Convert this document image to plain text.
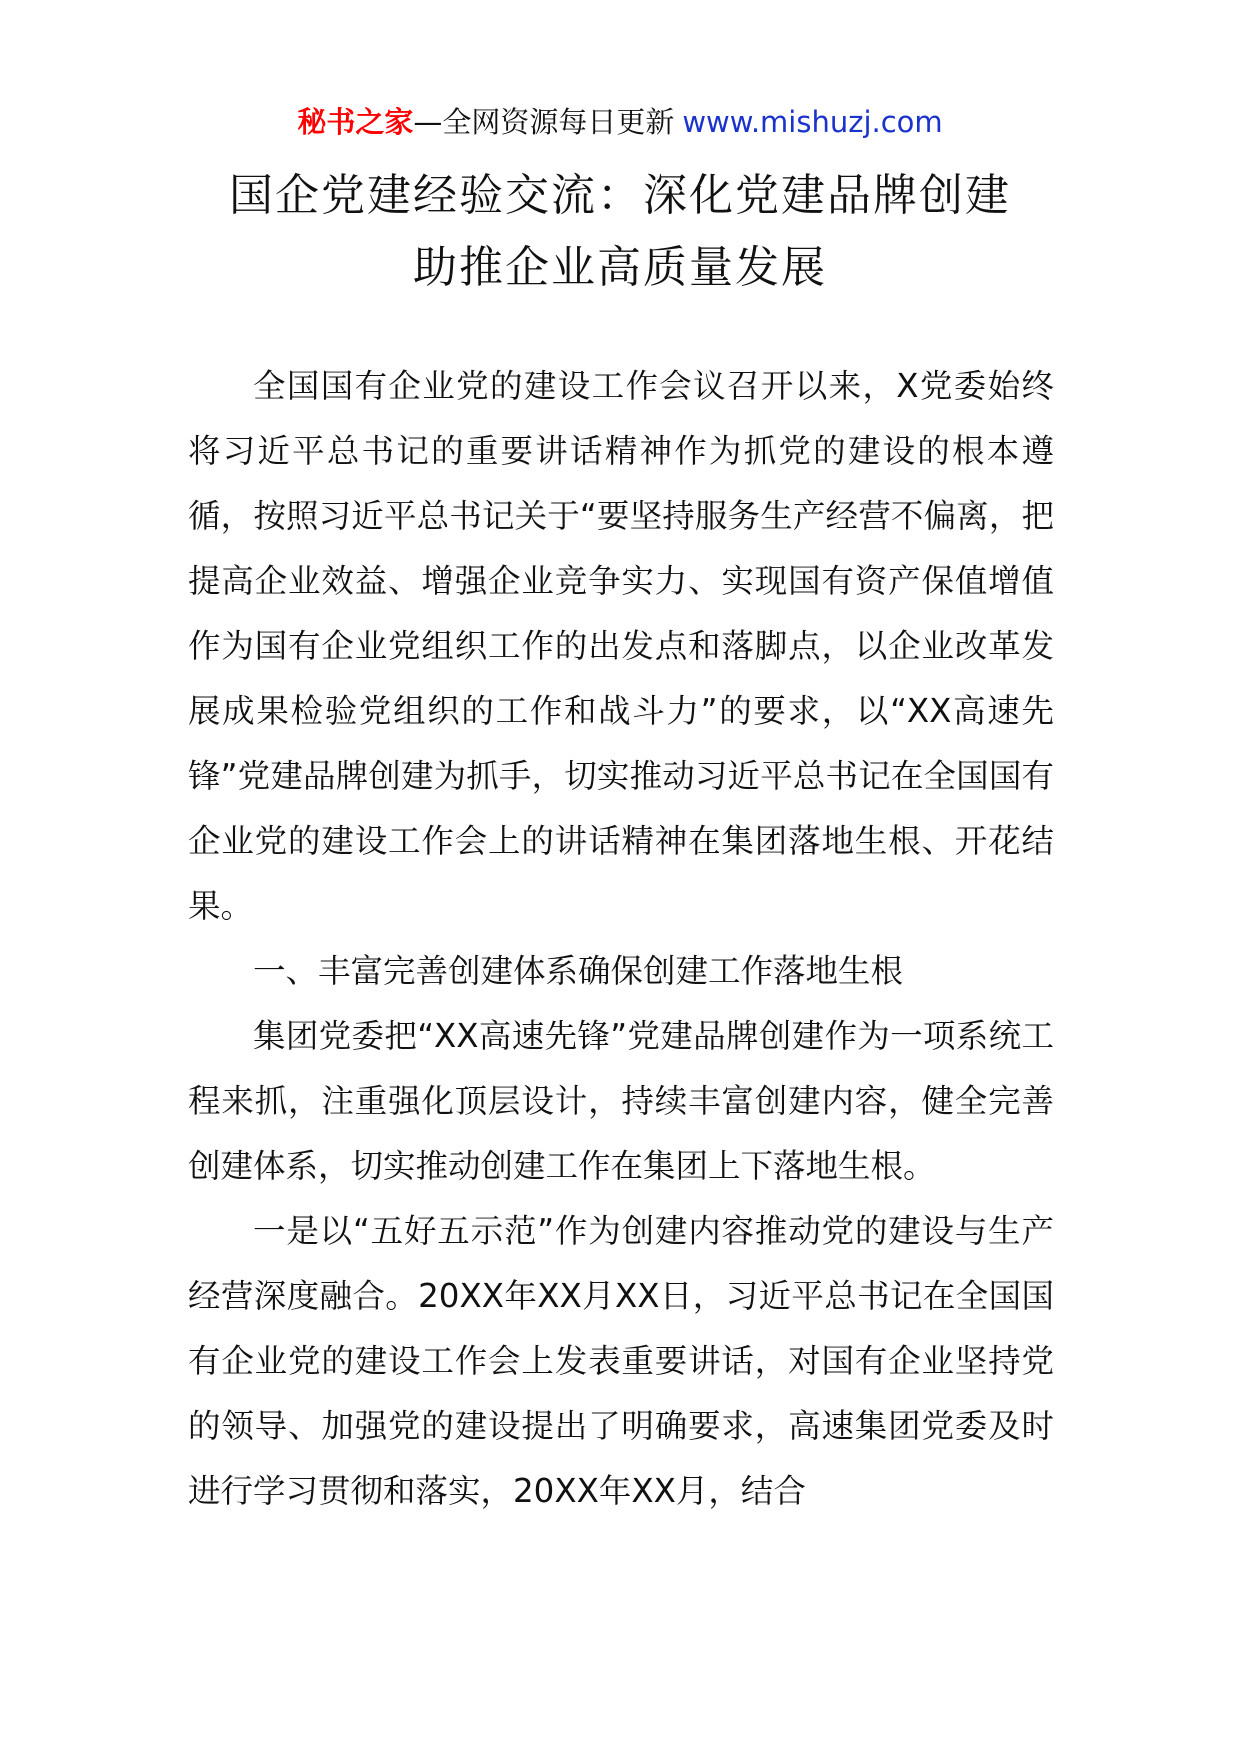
秘书之家—全网资源每日更新 www.mishuzj.com
国企党建经验交流：深化党建品牌创建
助推企业高质量发展

全国国有企业党的建设工作会议召开以来，X党委始终将习近平总书记的重要讲话精神作为抓党的建设的根本遵循，按照习近平总书记关于“要坚持服务生产经营不偏离，把提高企业效益、增强企业竞争实力、实现国有资产保值增值作为国有企业党组织工作的出发点和落脚点，以企业改革发展成果检验党组织的工作和战斗力”的要求，以“XX高速先锋”党建品牌创建为抓手，切实推动习近平总书记在全国国有企业党的建设工作会上的讲话精神在集团落地生根、开花结果。

一、丰富完善创建体系确保创建工作落地生根

集团党委把“XX高速先锋”党建品牌创建作为一项系统工程来抓，注重强化顶层设计，持续丰富创建内容，健全完善创建体系，切实推动创建工作在集团上下落地生根。

一是以“五好五示范”作为创建内容推动党的建设与生产经营深度融合。20XX年XX月XX日，习近平总书记在全国国有企业党的建设工作会上发表重要讲话，对国有企业坚持党的领导、加强党的建设提出了明确要求，高速集团党委及时进行学习贯彻和落实，20XX年XX月，结合
